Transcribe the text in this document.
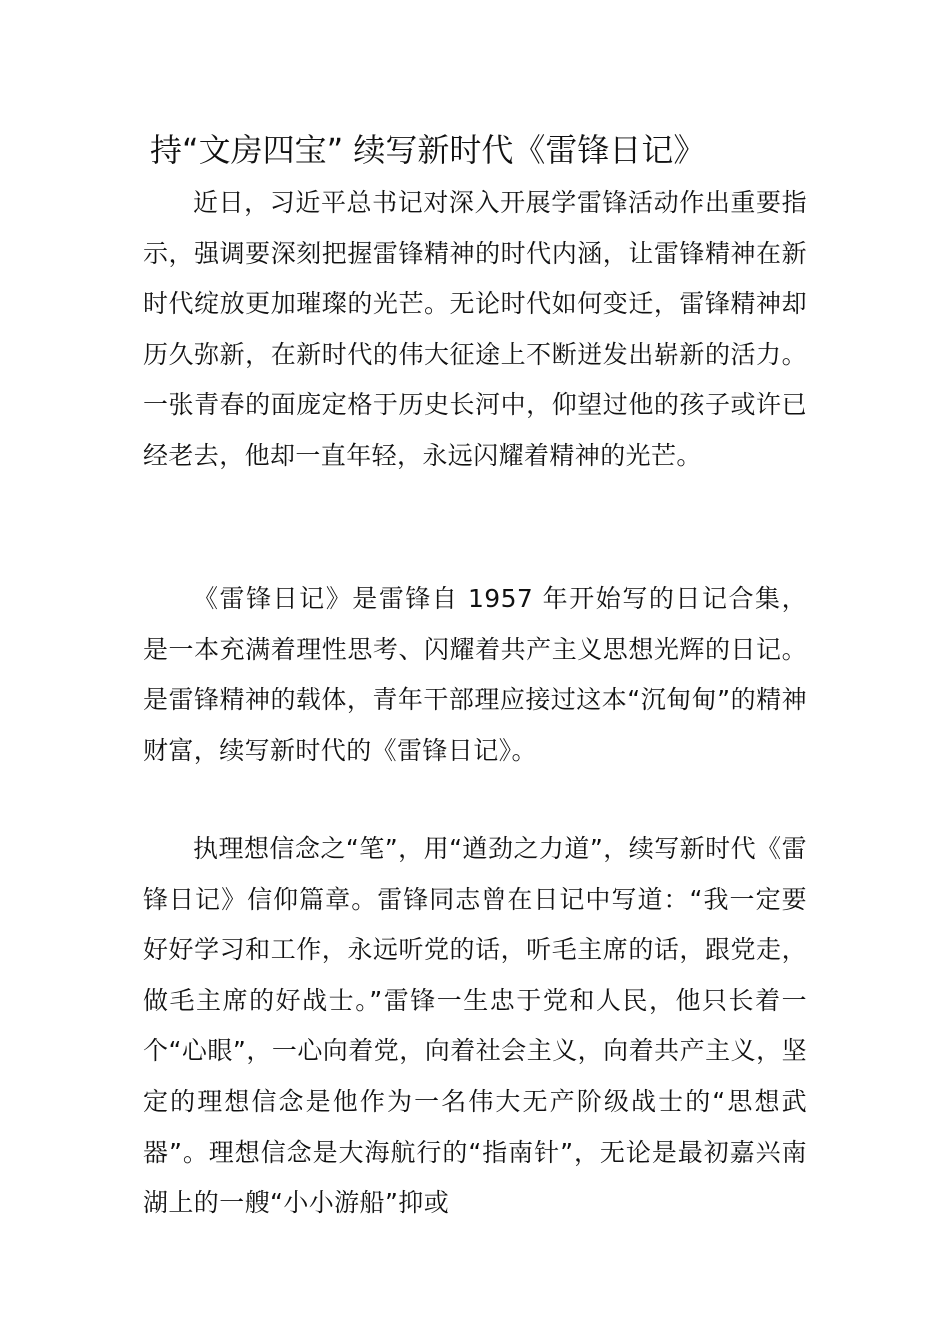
持“文房四宝” 续写新时代《雷锋日记》

近日，习近平总书记对深入开展学雷锋活动作出重要指示，强调要深刻把握雷锋精神的时代内涵，让雷锋精神在新时代绽放更加璀璨的光芒。无论时代如何变迁，雷锋精神却历久弥新，在新时代的伟大征途上不断迸发出崭新的活力。一张青春的面庞定格于历史长河中，仰望过他的孩子或许已经老去，他却一直年轻，永远闪耀着精神的光芒。

《雷锋日记》是雷锋自 1957 年开始写的日记合集，是一本充满着理性思考、闪耀着共产主义思想光辉的日记。是雷锋精神的载体，青年干部理应接过这本“沉甸甸”的精神财富，续写新时代的《雷锋日记》。

执理想信念之“笔”，用“遒劲之力道”，续写新时代《雷锋日记》信仰篇章。雷锋同志曾在日记中写道：“我一定要好好学习和工作，永远听党的话，听毛主席的话，跟党走，做毛主席的好战士。”雷锋一生忠于党和人民，他只长着一个“心眼”，一心向着党，向着社会主义，向着共产主义，坚定的理想信念是他作为一名伟大无产阶级战士的“思想武器”。理想信念是大海航行的“指南针”，无论是最初嘉兴南湖上的一艘“小小游船”抑或
